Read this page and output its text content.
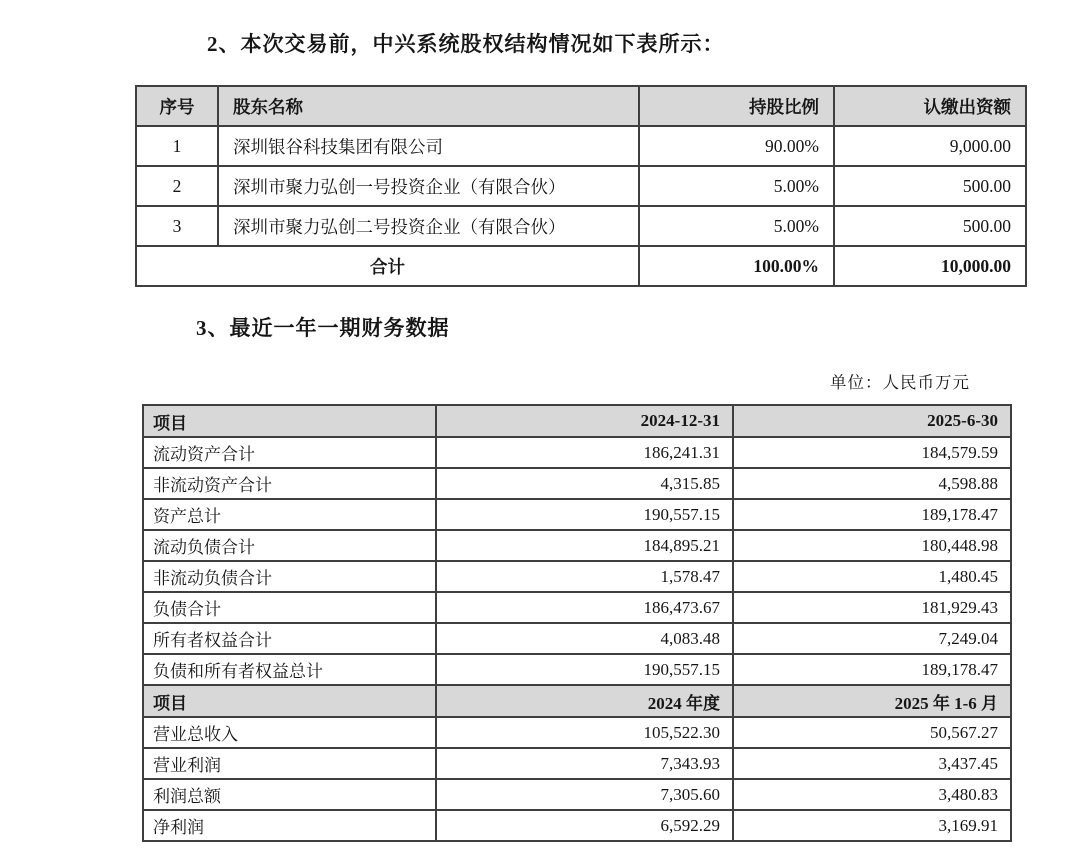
2、本次交易前，中兴系统股权结构情况如下表所示：
序号	股东名称	持股比例	认缴出资额
1	深圳银谷科技集团有限公司	90.00%	9,000.00
2	深圳市聚力弘创一号投资企业（有限合伙）	5.00%	500.00
3	深圳市聚力弘创二号投资企业（有限合伙）	5.00%	500.00
合计		100.00%	10,000.00
3、最近一年一期财务数据
单位：人民币万元
项目	2024-12-31	2025-6-30
流动资产合计	186,241.31	184,579.59
非流动资产合计	4,315.85	4,598.88
资产总计	190,557.15	189,178.47
流动负债合计	184,895.21	180,448.98
非流动负债合计	1,578.47	1,480.45
负债合计	186,473.67	181,929.43
所有者权益合计	4,083.48	7,249.04
负债和所有者权益总计	190,557.15	189,178.47
项目	2024 年度	2025 年 1-6 月
营业总收入	105,522.30	50,567.27
营业利润	7,343.93	3,437.45
利润总额	7,305.60	3,480.83
净利润	6,592.29	3,169.91
